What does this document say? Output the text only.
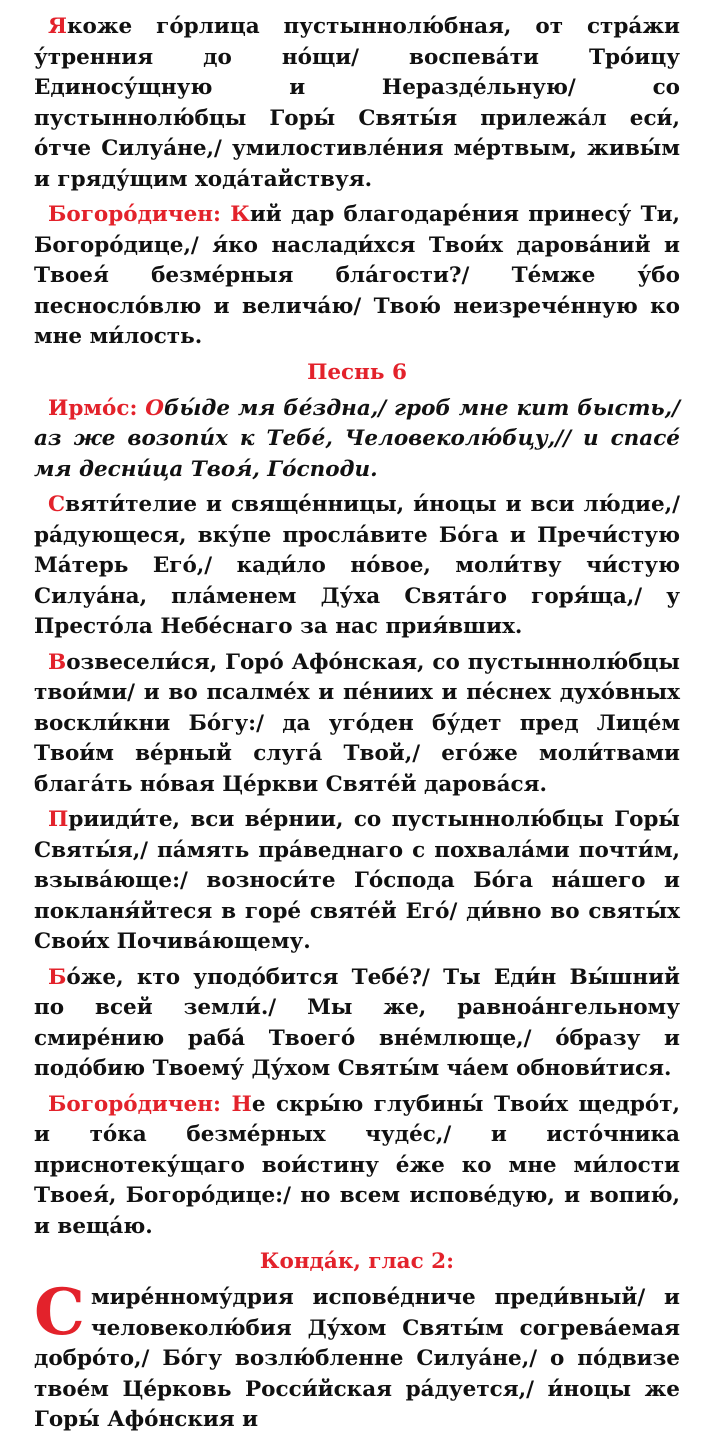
Якоже го́рлица пустыннолю́бная, от стра́жи у́тренния до но́щи/ воспева́ти Тро́ицу Единосу́щную и Неразде́льную/ со пустыннолю́бцы Горы́ Святы́я прилежа́л еси́, о́тче Силуа́не,/ умилостивле́ния ме́ртвым, живы́м и гряду́щим хода́тайствуя.

Богоро́дичен: Кий дар благодаре́ния принесу́ Ти, Богоро́дице,/ я́ко наслади́хся Твои́х дарова́ний и Твоея́ безме́рныя бла́гости?/ Те́мже у́бо песносло́влю и велича́ю/ Твою́ неизрече́нную ко мне ми́лость.

Песнь 6

Ирмо́с: Обы́де мя бе́здна,/ гроб мне кит бысть,/ аз же возопи́х к Тебе́, Человеколю́бцу,// и спасе́ мя десни́ца Твоя́, Го́споди.

Святи́телие и свяще́нницы, и́ноцы и вси лю́дие,/ ра́дующеся, вку́пе просла́вите Бо́га и Пречи́стую Ма́терь Его́,/ кади́ло но́вое, моли́тву чи́стую Силуа́на, пла́менем Ду́ха Свята́го горя́ща,/ у Престо́ла Небе́снаго за нас прия́вших.

Возвесели́ся, Горо́ Афо́нская, со пустыннолю́бцы твои́ми/ и во псалме́х и пе́ниих и пе́снех духо́вных воскли́кни Бо́гу:/ да уго́ден бу́дет пред Лице́м Твои́м ве́рный слуга́ Твой,/ его́же моли́твами блага́ть но́вая Це́ркви Святе́й дарова́ся.

Прииди́те, вси ве́рнии, со пустыннолю́бцы Горы́ Святы́я,/ па́мять пра́веднаго с похвала́ми почти́м, взыва́юще:/ возноси́те Го́спода Бо́га на́шего и покланя́йтеся в горе́ святе́й Его́/ ди́вно во святы́х Свои́х Почива́ющему.

Бо́же, кто уподо́бится Тебе́?/ Ты Еди́н Вы́шний по всей земли́./ Мы же, равноа́нгельному смире́нию раба́ Твоего́ вне́млюще,/ о́бразу и подо́бию Твоему́ Ду́хом Святы́м ча́ем обнови́тися.

Богоро́дичен: Не скры́ю глубины́ Твои́х щедро́т, и то́ка безме́рных чуде́с,/ и исто́чника приснотеку́щаго вои́стину е́же ко мне ми́лости Твоея́, Богоро́дице:/ но всем испове́дую, и вопию́, и веща́ю.

Конда́к, глас 2:

Смире́нному́дрия испове́дниче преди́вный/ и человеколю́бия Ду́хом Святы́м согрева́емая добро́то,/ Бо́гу возлю́бленне Силуа́не,/ о по́двизе твое́м Це́рковь Росси́йская ра́дуется,/ и́ноцы же Горы́ Афо́нския и
